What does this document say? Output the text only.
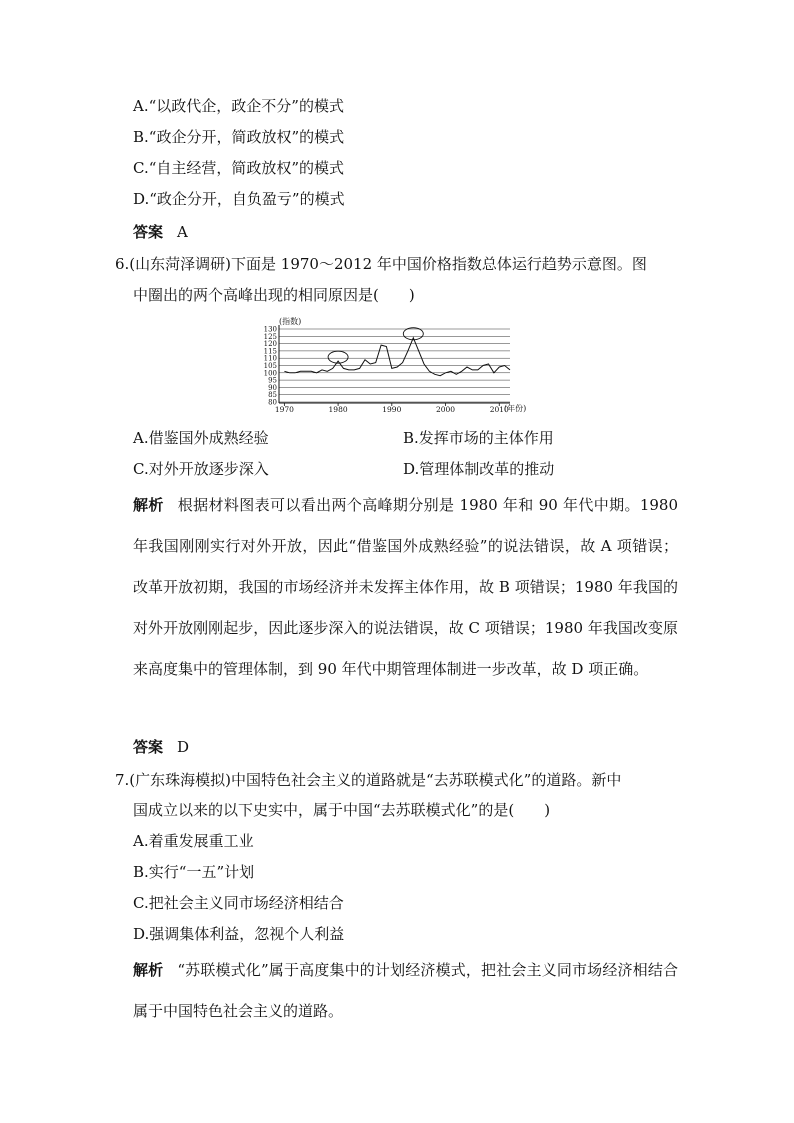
A.“以政代企，政企不分”的模式
B.“政企分开，简政放权”的模式
C.“自主经营，简政放权”的模式
D.“政企分开，自负盈亏”的模式
答案 A
6.(山东菏泽调研)下面是 1970～2012 年中国价格指数总体运行趋势示意图。图
中圈出的两个高峰出现的相同原因是(　　)
80
85
90
95
100
105
110
115
120
125
130
1970	1980	1990	2000	2010
(指数)
(年份)
A.借鉴国外成熟经验	B.发挥市场的主体作用
C.对外开放逐步深入	D.管理体制改革的推动
解析 根据材料图表可以看出两个高峰期分别是 1980 年和 90 年代中期。1980 年我国刚刚实行对外开放，因此“借鉴国外成熟经验”的说法错误，故 A 项错误；改革开放初期，我国的市场经济并未发挥主体作用，故 B 项错误；1980 年我国的对外开放刚刚起步，因此逐步深入的说法错误，故 C 项错误；1980 年我国改变原来高度集中的管理体制，到 90 年代中期管理体制进一步改革，故 D 项正确。
答案 D
7.(广东珠海模拟)中国特色社会主义的道路就是“去苏联模式化”的道路。新中
国成立以来的以下史实中，属于中国“去苏联模式化”的是(　　)
A.着重发展重工业
B.实行“一五”计划
C.把社会主义同市场经济相结合
D.强调集体利益，忽视个人利益
解析 “苏联模式化”属于高度集中的计划经济模式，把社会主义同市场经济相结合属于中国特色社会主义的道路。
